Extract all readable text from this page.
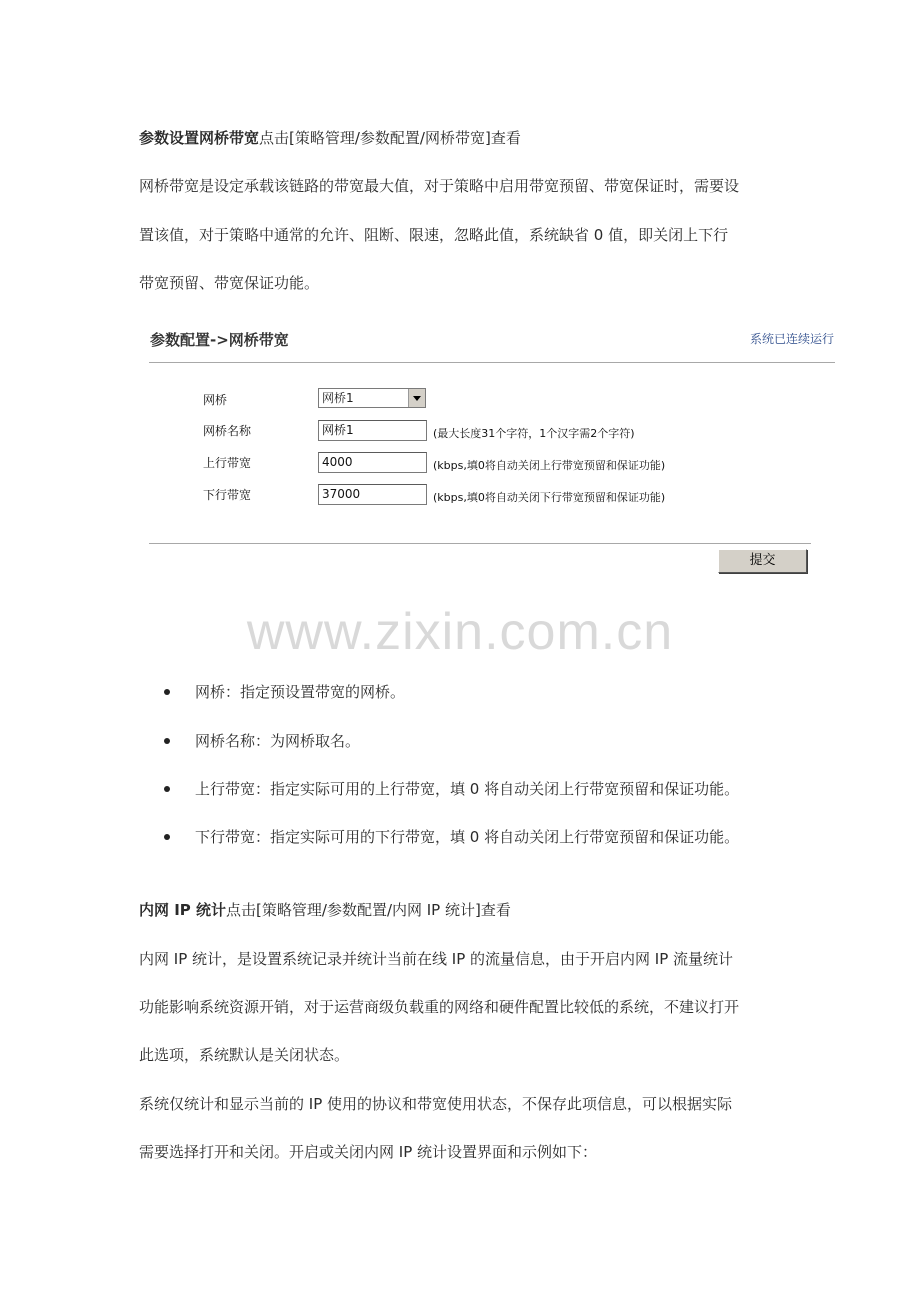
参数设置网桥带宽点击[策略管理/参数配置/网桥带宽]查看
网桥带宽是设定承载该链路的带宽最大值，对于策略中启用带宽预留、带宽保证时，需要设
置该值，对于策略中通常的允许、阻断、限速，忽略此值，系统缺省 0 值，即关闭上下行
带宽预留、带宽保证功能。
参数配置->网桥带宽	系统已连续运行
网桥	网桥1
网桥名称	网桥1	(最大长度31个字符，1个汉字需2个字符)
上行带宽	4000	(kbps,填0将自动关闭上行带宽预留和保证功能)
下行带宽	37000	(kbps,填0将自动关闭下行带宽预留和保证功能)
提交
www.zixin.com.cn
网桥：指定预设置带宽的网桥。
网桥名称：为网桥取名。
上行带宽：指定实际可用的上行带宽，填 0 将自动关闭上行带宽预留和保证功能。
下行带宽：指定实际可用的下行带宽，填 0 将自动关闭上行带宽预留和保证功能。
内网 IP 统计点击[策略管理/参数配置/内网 IP 统计]查看
内网 IP 统计，是设置系统记录并统计当前在线 IP 的流量信息，由于开启内网 IP 流量统计
功能影响系统资源开销，对于运营商级负载重的网络和硬件配置比较低的系统，不建议打开
此选项，系统默认是关闭状态。
系统仅统计和显示当前的 IP 使用的协议和带宽使用状态，不保存此项信息，可以根据实际
需要选择打开和关闭。开启或关闭内网 IP 统计设置界面和示例如下：
